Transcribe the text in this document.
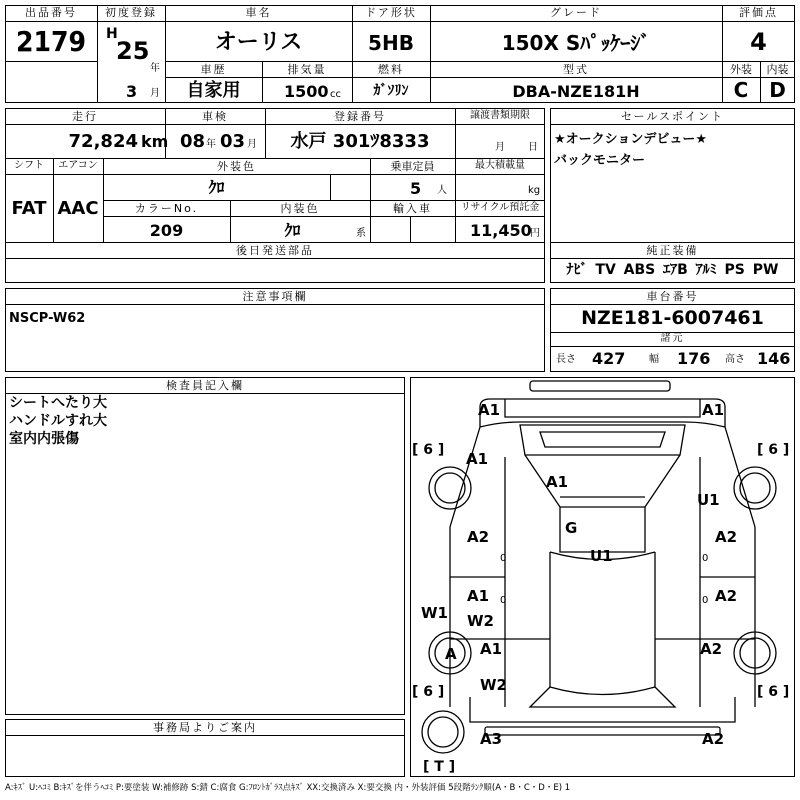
出品番号
2179
初度登録
H
25
年
3 月
車名
オーリス
ドア形状
5HB
グレード
150X Sﾊﾟｯｹｰｼﾞ
評価点
4
車歴
自家用
排気量
1500 cc
燃料
ｶﾞｿﾘﾝ
型式
DBA-NZE181H
外装	内装
C	D
走行
72,824 km
車検
08 年 03 月
登録番号
水戸 301ﾂ8333
譲渡書類期限
月 日
シフト
FAT
エアコン
AAC
外装色
ｸﾛ
乗車定員
5 人
最大積載量
kg
カラーNo.
209
内装色
ｸﾛ	系
輸入車	リサイクル預託金
11,450
円
後日発送部品
セールスポイント
★オークションデビュー★
バックモニター
純正装備
ﾅﾋﾞ TV ABS ｴｱB ｱﾙﾐ PS PW
注意事項欄
NSCP-W62
車台番号
NZE181-6007461
諸元
長さ 427 幅 176 高さ 146
検査員記入欄
シートへたり大
ハンドルすれ大
室内内張傷
事務局よりご案内
A1	A1
A1
A1
U1
G
U1
A2	A2
A1	A2
W1 W2
A1	A2
W2
A3	A2
A
[ 6 ]	[ 6 ]
[ 6 ]	[ 6 ]
[ T ]
0	0
0	0
A:ｷｽﾞ U:ﾍｺﾐ B:ｷｽﾞを伴うﾍｺﾐ P:要塗装 W:補修跡 S:錆 C:腐食 G:ﾌﾛﾝﾄｶﾞﾗｽ点ｷｽﾞ XX:交換済み X:要交換 内・外装評価 5段階ﾗﾝｸ順(A・B・C・D・E) 1
